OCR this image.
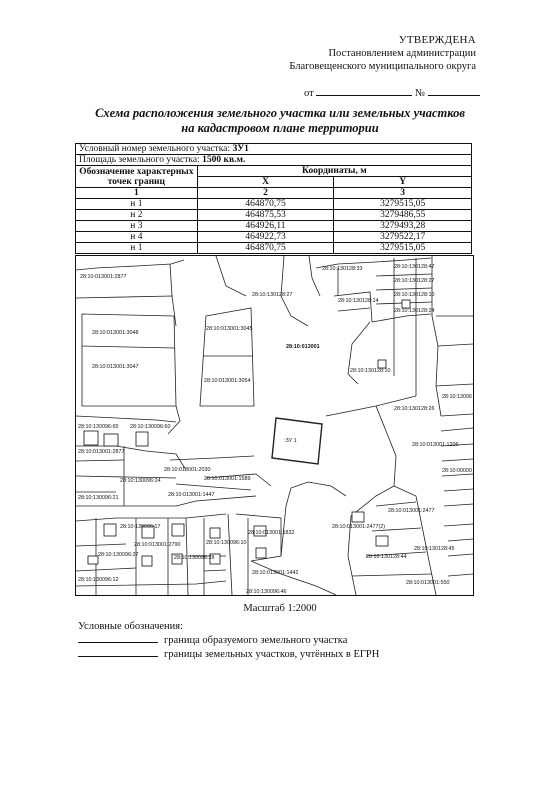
УТВЕРЖДЕНА
Постановлением администрации
Благовещенского муниципального округа
от	№
Схема расположения земельного участка или земельных участков
на кадастровом плане территории
Условный номер земельного участка: ЗУ1		
Площадь земельного участка: 1500 кв.м.		
Обозначение характерных точек границ	Координаты, м	
	X	Y
1	2	3
н 1	464870,75	3279515,05
н 2	464875,53	3279486,55
н 3	464926,11	3279493,28
н 4	464922,73	3279522,17
н 1	464870,75	3279515,05
28:10:013001:2877
28:10:013001:3048
28:10:013001:3047
28:10:013001:3045
28:10:013001:3054
28:10:013001
:ЗУ 1
28:10:130128:27
28:10:130128:33	28:10:130128:47
28:10:130128:27
28:10:130128:14
28:10:130128:10
28:10:130128:24
28:10:130128:10
28:10:130128:26
28:10:013001:1206
28:10:130096:65 28:10:130096:60
28:10:013001:2877
28:10:013001:2030
28:10:013001:1589
28:10:013001:1447
28:10:130096:21
28:10:130096:24
28:10:130096:17
28:10:130096:27
28:10:013001:2790
28:10:130096:28
28:10:130096:10
28:10:013001:1832
28:10:013001:2477
28:10:013001:2477(2)
28:10:130128:44
28:10:130128:45
28:10:013001:1442
28:10:130096:12
28:10:130096:46
28:10:013001:550
28:10:00000
28:10:13006
Масштаб 1:2000
Условные обозначения:
граница образуемого земельного участка
границы земельных участков, учтённых в ЕГРН
